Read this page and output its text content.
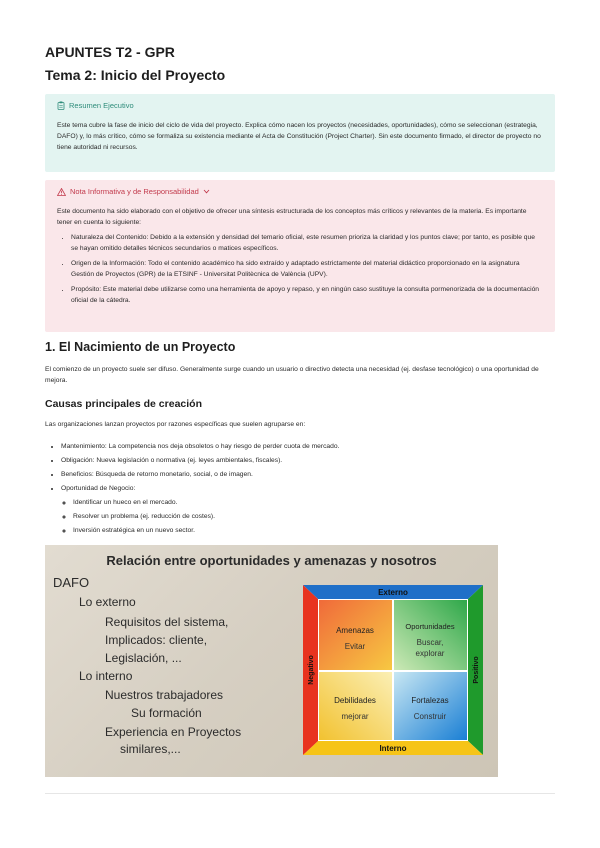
APUNTES T2 - GPR
Tema 2: Inicio del Proyecto
Resumen Ejecutivo

Este tema cubre la fase de inicio del ciclo de vida del proyecto. Explica cómo nacen los proyectos (necesidades, oportunidades), cómo se seleccionan (estrategia, DAFO) y, lo más crítico, cómo se formaliza su existencia mediante el Acta de Constitución (Project Charter). Sin este documento firmado, el director de proyecto no tiene autoridad ni recursos.

Nota Informativa y de Responsabilidad

Este documento ha sido elaborado con el objetivo de ofrecer una síntesis estructurada de los conceptos más críticos y relevantes de la materia. Es importante tener en cuenta lo siguiente:

• Naturaleza del Contenido: Debido a la extensión y densidad del temario oficial, este resumen prioriza la claridad y los puntos clave; por tanto, es posible que se hayan omitido detalles técnicos secundarios o matices específicos.
• Origen de la Información: Todo el contenido académico ha sido extraído y adaptado estrictamente del material didáctico proporcionado en la asignatura Gestión de Proyectos (GPR) de la ETSINF - Universitat Politècnica de València (UPV).
• Propósito: Este material debe utilizarse como una herramienta de apoyo y repaso, y en ningún caso sustituye la consulta pormenorizada de la documentación oficial de la cátedra.
1. El Nacimiento de un Proyecto

El comienzo de un proyecto suele ser difuso. Generalmente surge cuando un usuario o directivo detecta una necesidad (ej. desfase tecnológico) o una oportunidad de mejora.

Causas principales de creación

Las organizaciones lanzan proyectos por razones específicas que suelen agruparse en:

• Mantenimiento: La competencia nos deja obsoletos o hay riesgo de perder cuota de mercado.
• Obligación: Nueva legislación o normativa (ej. leyes ambientales, fiscales).
• Beneficios: Búsqueda de retorno monetario, social, o de imagen.
• Oportunidad de Negocio:
◦ Identificar un hueco en el mercado.
◦ Resolver un problema (ej. reducción de costes).
◦ Inversión estratégica en un nuevo sector.

Relación entre oportunidades y amenazas y nosotros

DAFO
Lo externo
Requisitos del sistema,
Implicados: cliente,
Legislación, ...
Lo interno
Nuestros trabajadores
Su formación
Experiencia en Proyectos
similares,...
Externo
Interno
Negativo	Positivo
Amenazas
Evitar
Oportunidades
Buscar,
explorar
Debilidades
mejorar
Fortalezas
Construir
